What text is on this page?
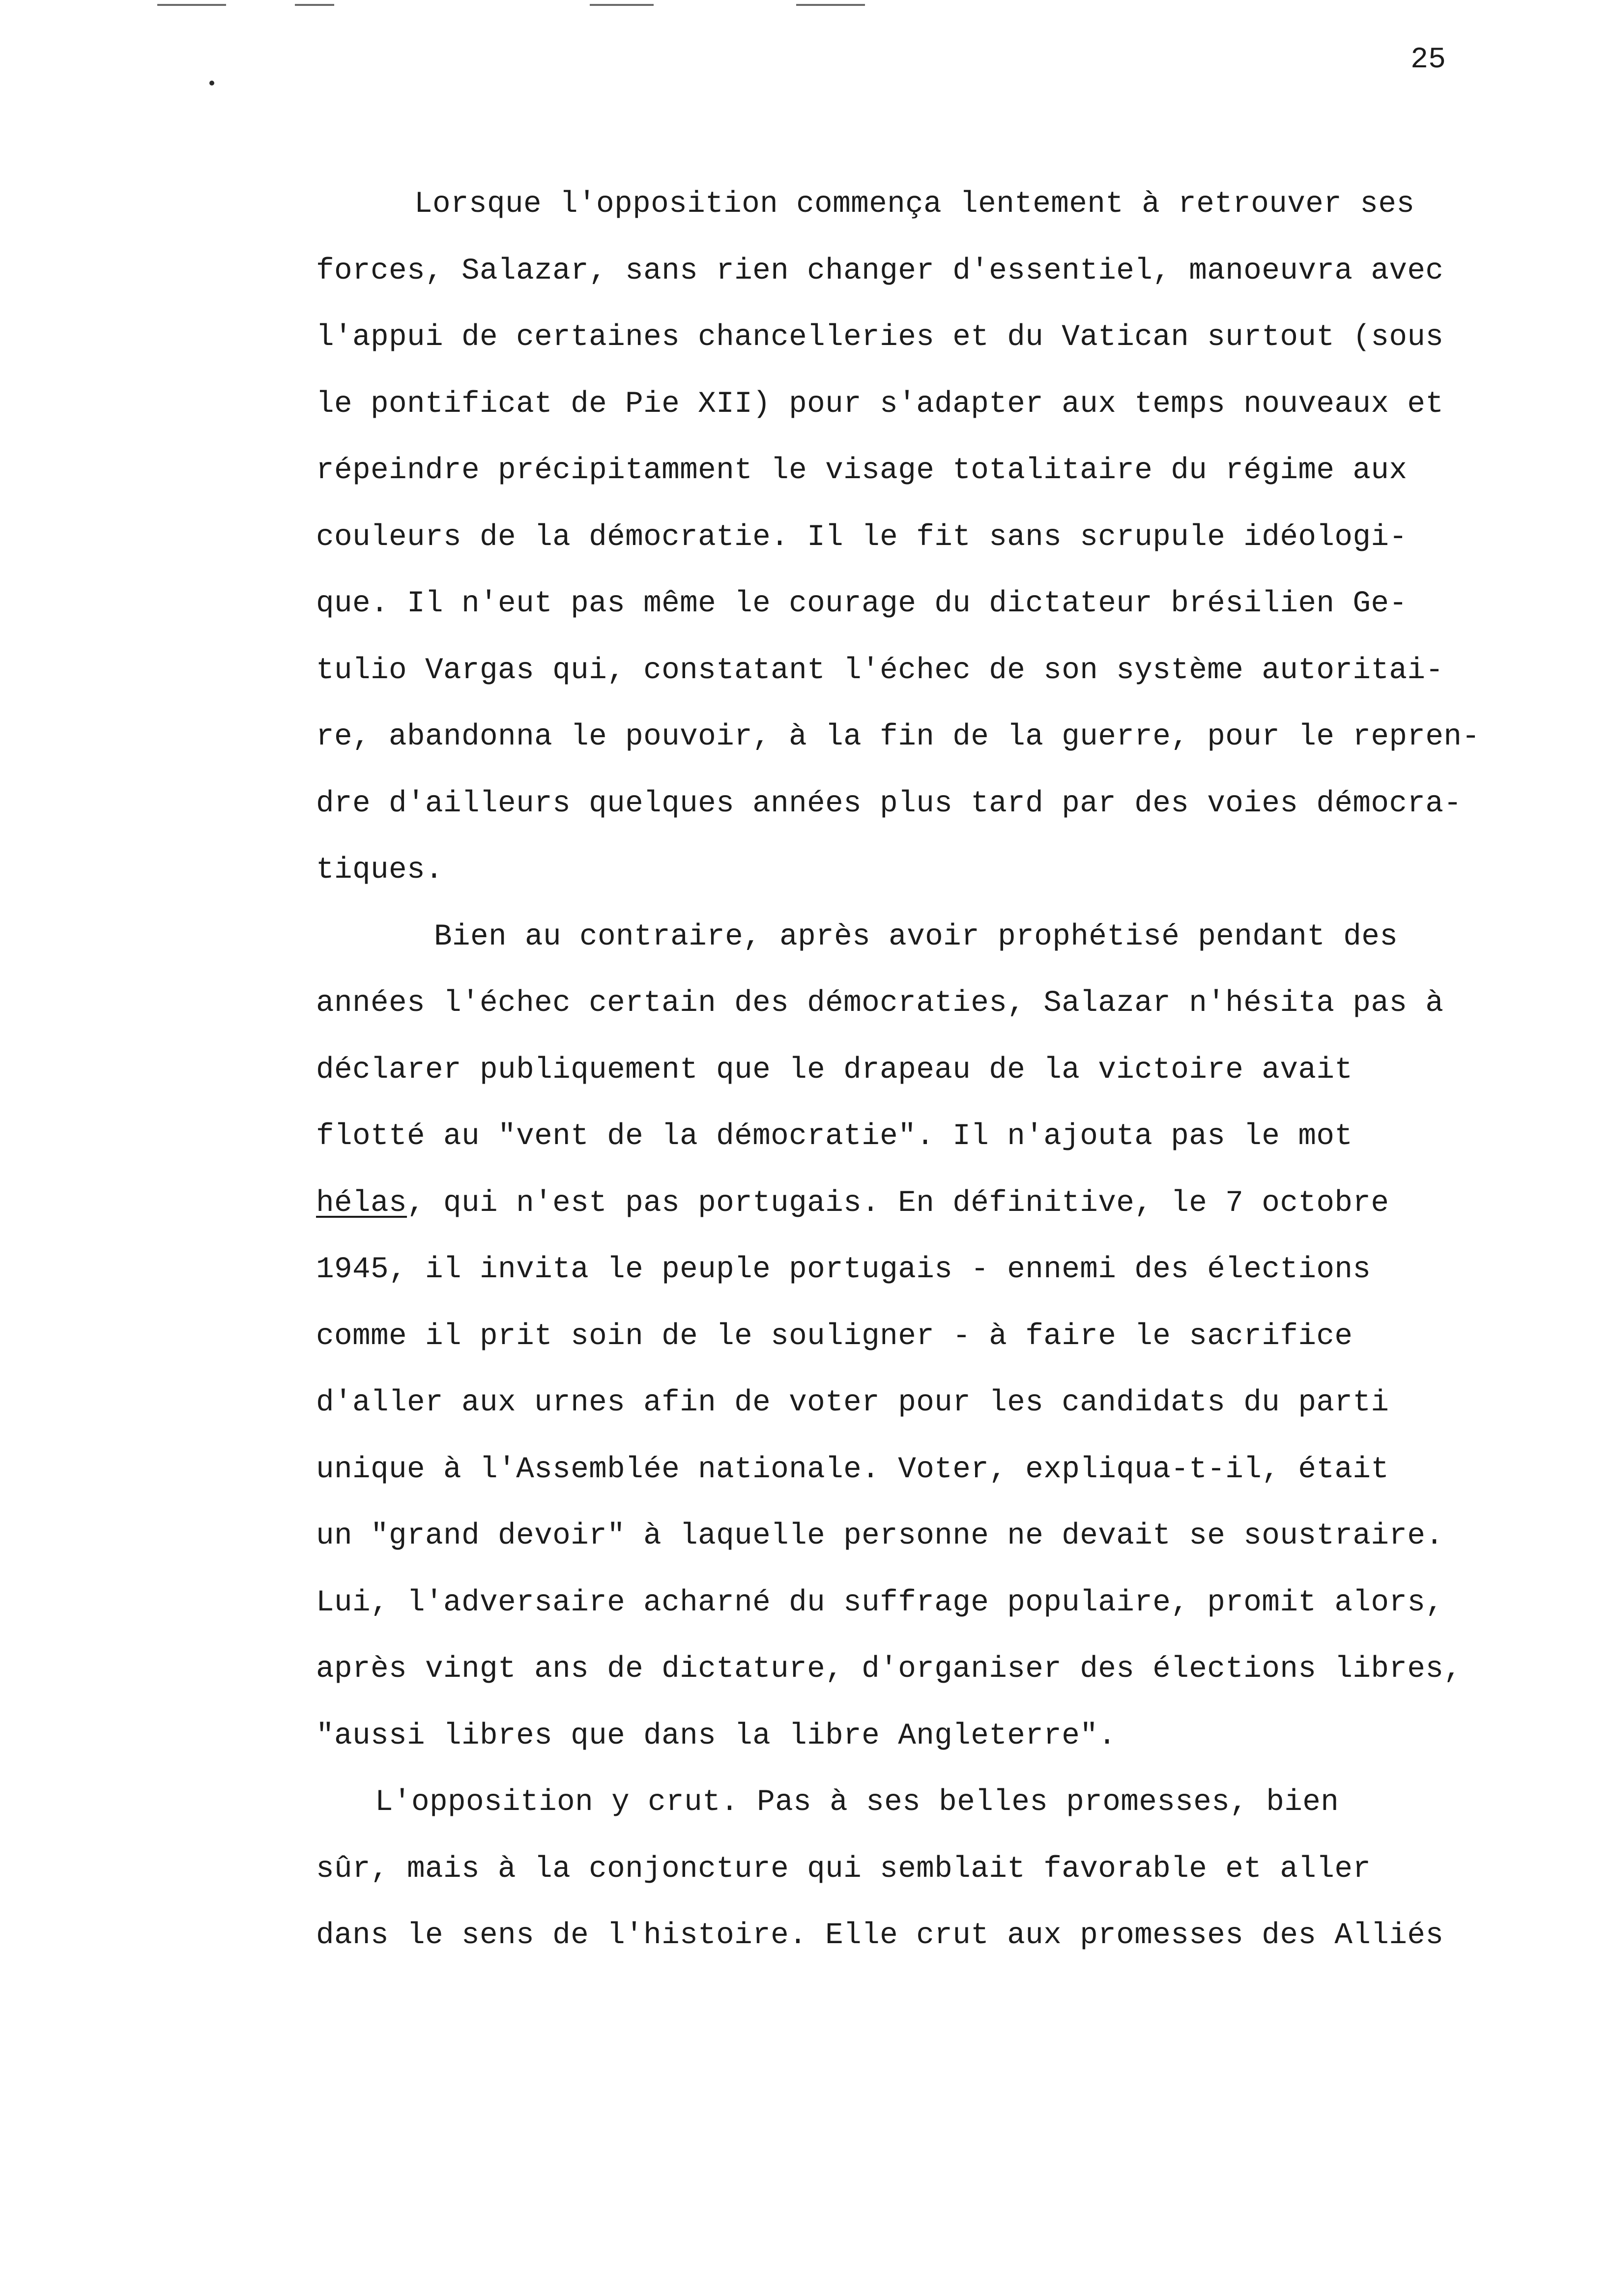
25
Lorsque l'opposition commença lentement à retrouver ses
forces, Salazar, sans rien changer d'essentiel, manoeuvra avec
l'appui de certaines chancelleries et du Vatican surtout (sous
le pontificat de Pie XII) pour s'adapter aux temps nouveaux et
répeindre précipitamment le visage totalitaire du régime aux
couleurs de la démocratie. Il le fit sans scrupule idéologi-
que. Il n'eut pas même le courage du dictateur brésilien Ge-
tulio Vargas qui, constatant l'échec de son système autoritai-
re, abandonna le pouvoir, à la fin de la guerre, pour le repren-
dre d'ailleurs quelques années plus tard par des voies démocra-
tiques.
Bien au contraire, après avoir prophétisé pendant des
années l'échec certain des démocraties, Salazar n'hésita pas à
déclarer publiquement que le drapeau de la victoire avait
flotté au "vent de la démocratie". Il n'ajouta pas le mot
hélas, qui n'est pas portugais. En définitive, le 7 octobre
1945, il invita le peuple portugais - ennemi des élections
comme il prit soin de le souligner - à faire le sacrifice
d'aller aux urnes afin de voter pour les candidats du parti
unique à l'Assemblée nationale. Voter, expliqua-t-il, était
un "grand devoir" à laquelle personne ne devait se soustraire.
Lui, l'adversaire acharné du suffrage populaire, promit alors,
après vingt ans de dictature, d'organiser des élections libres,
"aussi libres que dans la libre Angleterre".
L'opposition y crut. Pas à ses belles promesses, bien
sûr, mais à la conjoncture qui semblait favorable et aller
dans le sens de l'histoire. Elle crut aux promesses des Alliés
